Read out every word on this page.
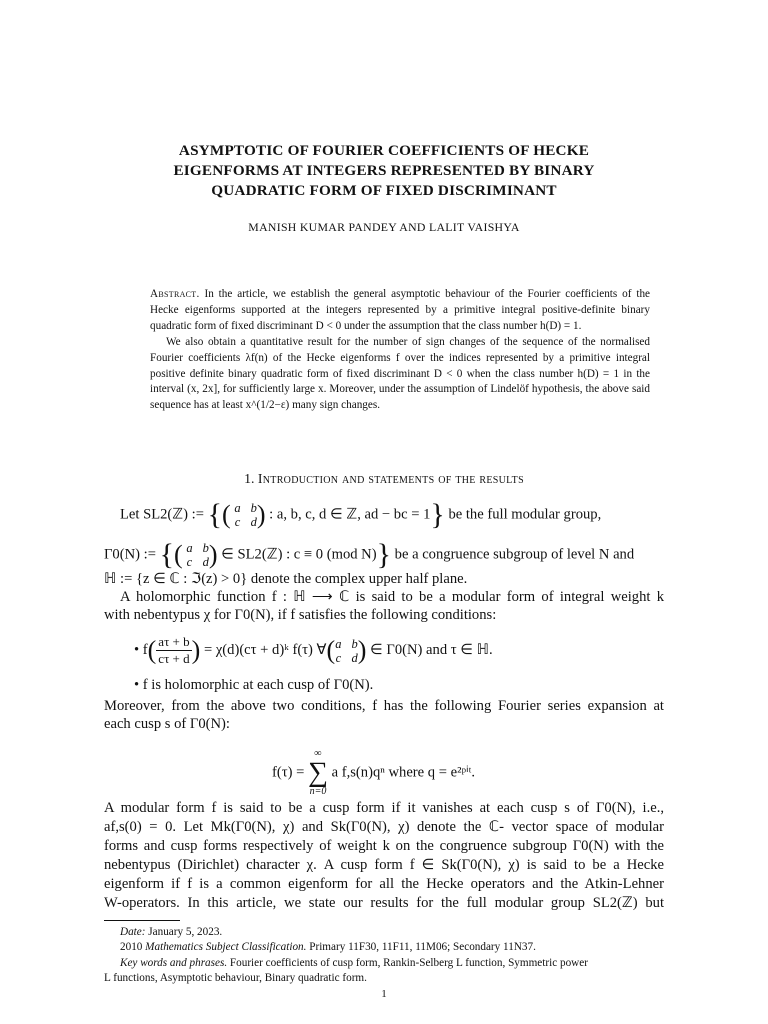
ASYMPTOTIC OF FOURIER COEFFICIENTS OF HECKE
EIGENFORMS AT INTEGERS REPRESENTED BY BINARY
QUADRATIC FORM OF FIXED DISCRIMINANT
MANISH KUMAR PANDEY AND LALIT VAISHYA

Abstract. In the article, we establish the general asymptotic behaviour of the Fourier coefficients of the Hecke eigenforms supported at the integers represented by a primitive integral positive-definite binary quadratic form of fixed discriminant D < 0 under the assumption that the class number h(D) = 1.

We also obtain a quantitative result for the number of sign changes of the sequence of the normalised Fourier coefficients λf(n) of the Hecke eigenforms f over the indices represented by a primitive integral positive definite binary quadratic form of fixed discriminant D < 0 when the class number h(D) = 1 in the interval (x, 2x], for sufficiently large x. Moreover, under the assumption of Lindelöf hypothesis, the above said sequence has at least x^(1/2−ε) many sign changes.

1. Introduction and statements of the results
Let SL2(ℤ) := {( a b
c d ) : a, b, c, d ∈ ℤ, ad − bc = 1} be the full modular group,
Γ0(N) := {( a b
c d ) ∈ SL2(ℤ) : c ≡ 0 (mod N)} be a congruence subgroup of level N and
ℍ := {z ∈ ℂ : ℑ(z) > 0} denote the complex upper half plane.
A holomorphic function f : ℍ ⟶ ℂ is said to be a modular form of integral weight k
with nebentypus χ for Γ0(N), if f satisfies the following conditions:
• $f( \frac{a\tau + b}{c\tau + d}$ ) = χ(d)(cτ + d)ᵏ f(τ) ∀( a b
c d ) ∈ Γ0(N) and τ ∈ ℍ.
• f is holomorphic at each cusp of Γ0(N).
Moreover, from the above two conditions, f has the following Fourier series expansion at
each cusp s of Γ0(N):
f(τ) =
∞
∑
n=0
a f,s(n)qⁿ where q = e²ᵖⁱᵗ.
A modular form f is said to be a cusp form if it vanishes at each cusp s of Γ0(N), i.e.,
af,s(0) = 0. Let Mk(Γ0(N), χ) and Sk(Γ0(N), χ) denote the ℂ- vector space of modular
forms and cusp forms respectively of weight k on the congruence subgroup Γ0(N) with the
nebentypus (Dirichlet) character χ. A cusp form f ∈ Sk(Γ0(N), χ) is said to be a Hecke
eigenform if f is a common eigenform for all the Hecke operators and the Atkin-Lehner
W-operators. In this article, we state our results for the full modular group SL2(ℤ) but
Date: January 5, 2023.
2010 Mathematics Subject Classification. Primary 11F30, 11F11, 11M06; Secondary 11N37.
Key words and phrases. Fourier coefficients of cusp form, Rankin-Selberg L function, Symmetric power
L functions, Asymptotic behaviour, Binary quadratic form.
1
